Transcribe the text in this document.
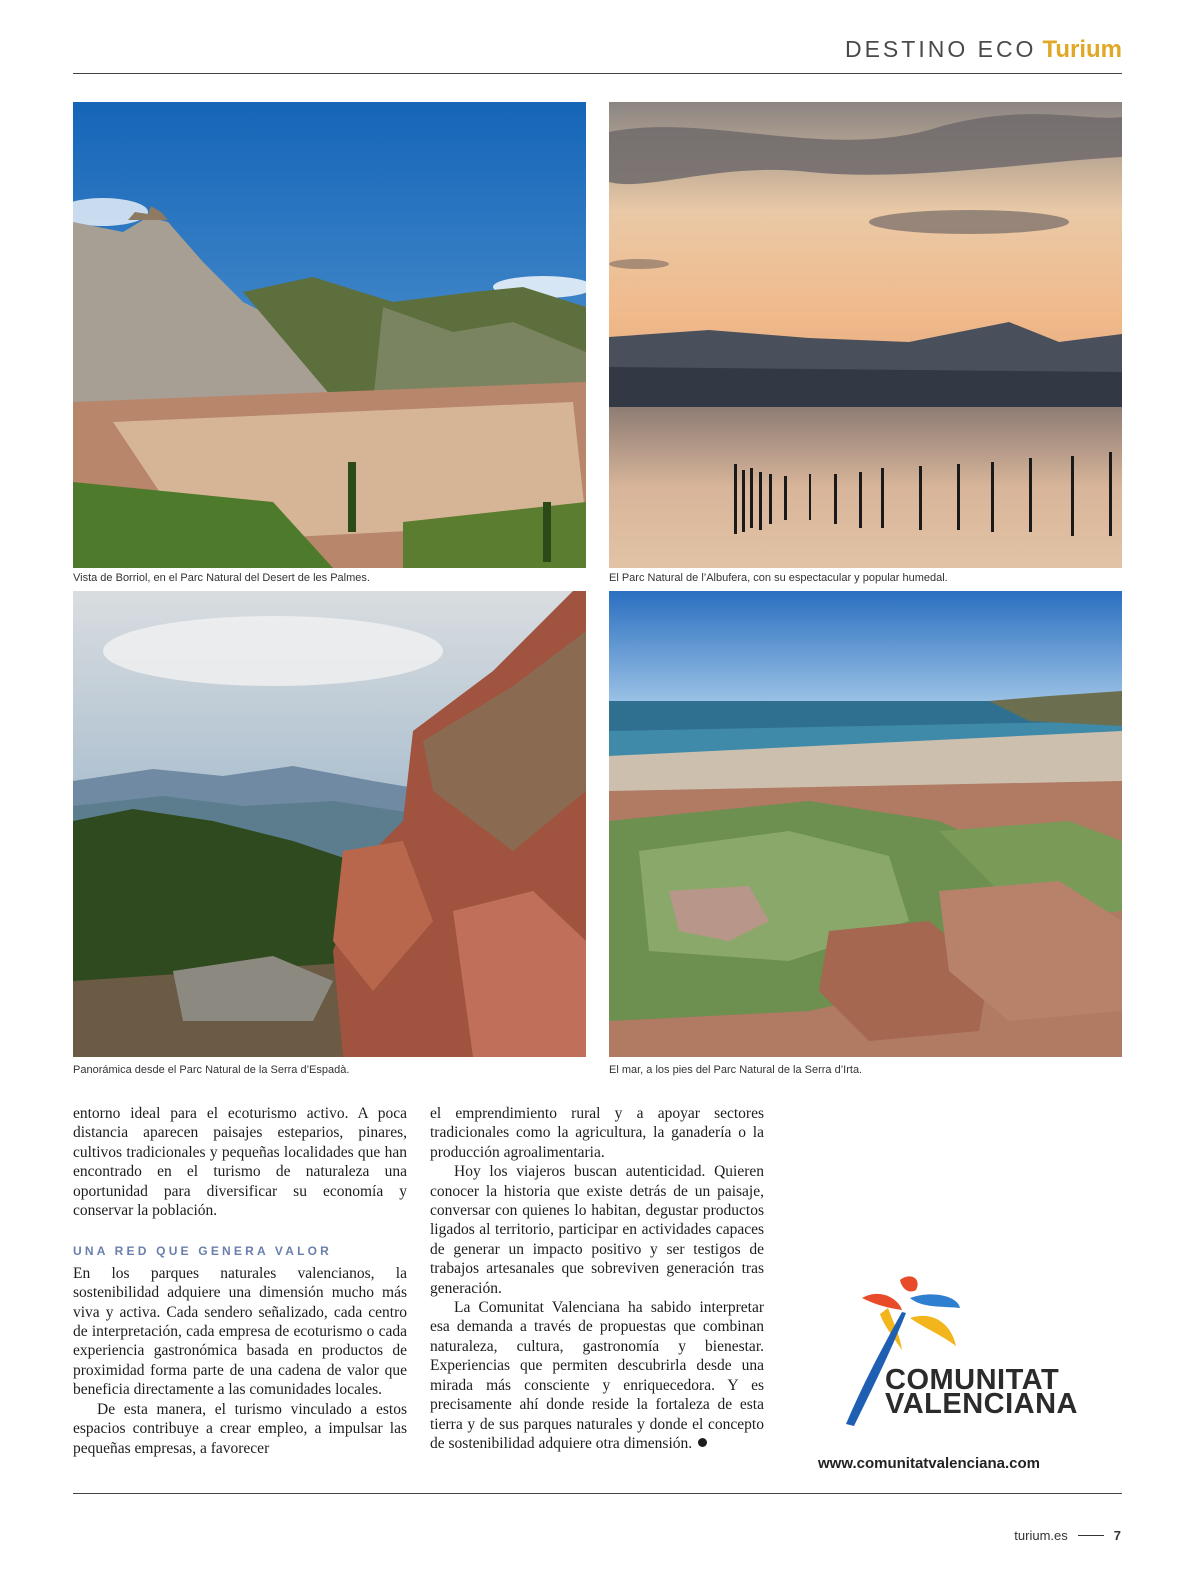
DESTINO ECO Turium
Vista de Borriol, en el Parc Natural del Desert de les Palmes.	El Parc Natural de l’Albufera, con su espectacular y popular humedal.
Panorámica desde el Parc Natural de la Serra d’Espadà.	El mar, a los pies del Parc Natural de la Serra d’Irta.

entorno ideal para el ecoturismo activo. A poca distancia aparecen paisajes esteparios, pinares, cultivos tradicionales y pequeñas localidades que han encontrado en el turismo de naturaleza una oportunidad para diversificar su economía y conservar la población.

UNA RED QUE GENERA VALOR

En los parques naturales valencianos, la sostenibilidad adquiere una dimensión mucho más viva y activa. Cada sendero señalizado, cada centro de interpretación, cada empresa de ecoturismo o cada experiencia gastronómica basada en productos de proximidad forma parte de una cadena de valor que beneficia directamente a las comunidades locales.

De esta manera, el turismo vinculado a estos espacios contribuye a crear empleo, a impulsar las pequeñas empresas, a favorecer

el emprendimiento rural y a apoyar sectores tradicionales como la agricultura, la ganadería o la producción agroalimentaria.

Hoy los viajeros buscan autenticidad. Quieren conocer la historia que existe detrás de un paisaje, conversar con quienes lo habitan, degustar productos ligados al territorio, participar en actividades capaces de generar un impacto positivo y ser testigos de trabajos artesanales que sobreviven generación tras generación.

La Comunitat Valenciana ha sabido interpretar esa demanda a través de propuestas que combinan naturaleza, cultura, gastronomía y bienestar. Experiencias que permiten descubrirla desde una mirada más consciente y enriquecedora. Y es precisamente ahí donde reside la fortaleza de esta tierra y de sus parques naturales y donde el concepto de sostenibilidad adquiere otra dimensión.

COMUNITAT
VALENCIANA
www.comunitatvalenciana.com
turium.es	7
